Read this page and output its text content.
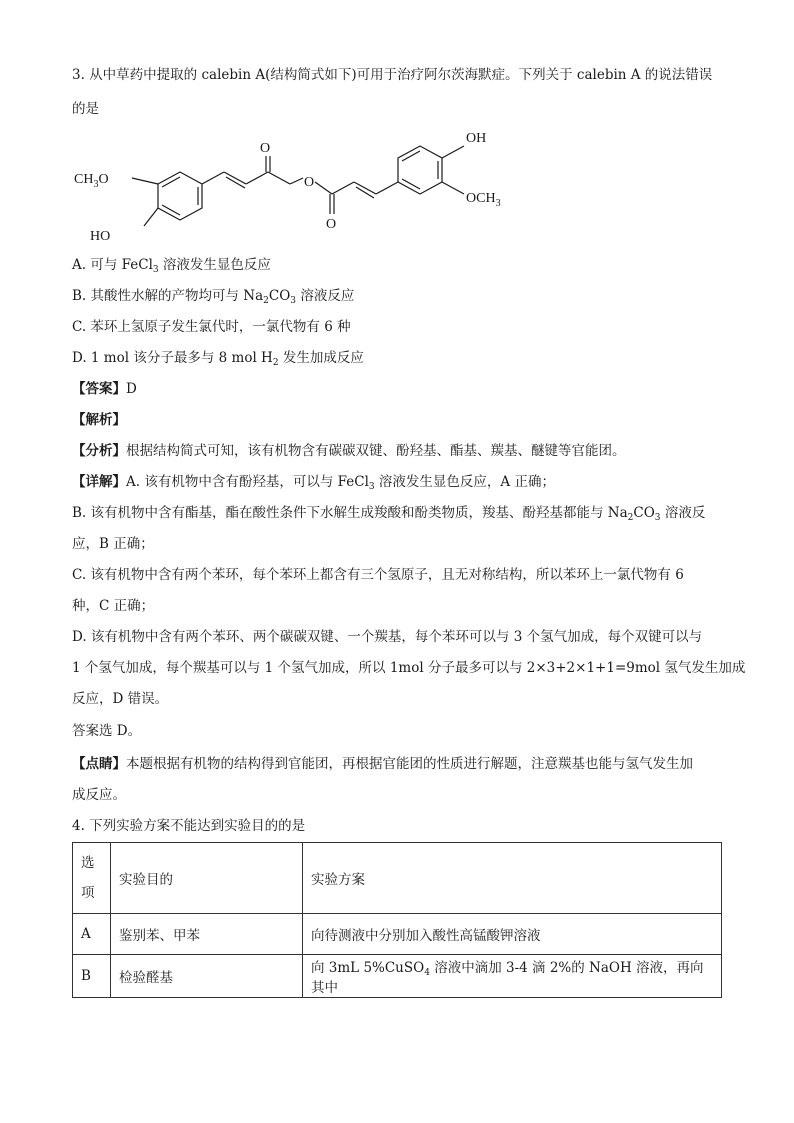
3. 从中草药中提取的 calebin A(结构简式如下)可用于治疗阿尔茨海默症。下列关于 calebin A 的说法错误
的是
O
O
O
$CH_3O$
HO
OH
$OCH_3$
A. 可与 FeCl$_3$ 溶液发生显色反应
B. 其酸性水解的产物均可与 $Na_2CO_3$ 溶液反应
C. 苯环上氢原子发生氯代时，一氯代物有 6 种
D. 1 mol 该分子最多与 8 mol $H_2$ 发生加成反应
【答案】D
【解析】
【分析】根据结构简式可知，该有机物含有碳碳双键、酚羟基、酯基、羰基、醚键等官能团。
【详解】A. 该有机物中含有酚羟基，可以与 FeCl$_3$ 溶液发生显色反应，A 正确；
B. 该有机物中含有酯基，酯在酸性条件下水解生成羧酸和酚类物质，羧基、酚羟基都能与 $Na_2CO_3$ 溶液反
应，B 正确；
C. 该有机物中含有两个苯环，每个苯环上都含有三个氢原子，且无对称结构，所以苯环上一氯代物有 6
种，C 正确；
D. 该有机物中含有两个苯环、两个碳碳双键、一个羰基，每个苯环可以与 3 个氢气加成，每个双键可以与
1 个氢气加成，每个羰基可以与 1 个氢气加成，所以 1mol 分子最多可以与 2×3+2×1+1=9mol 氢气发生加成
反应，D 错误。
答案选 D。
【点睛】本题根据有机物的结构得到官能团，再根据官能团的性质进行解题，注意羰基也能与氢气发生加
成反应。
4. 下列实验方案不能达到实验目的的是
选
项	实验目的	实验方案
A	鉴别苯、甲苯	向待测液中分别加入酸性高锰酸钾溶液
B	检验醛基	向 3mL 5%CuSO$_4$ 溶液中滴加 3-4 滴 2%的 NaOH 溶液，再向其中
